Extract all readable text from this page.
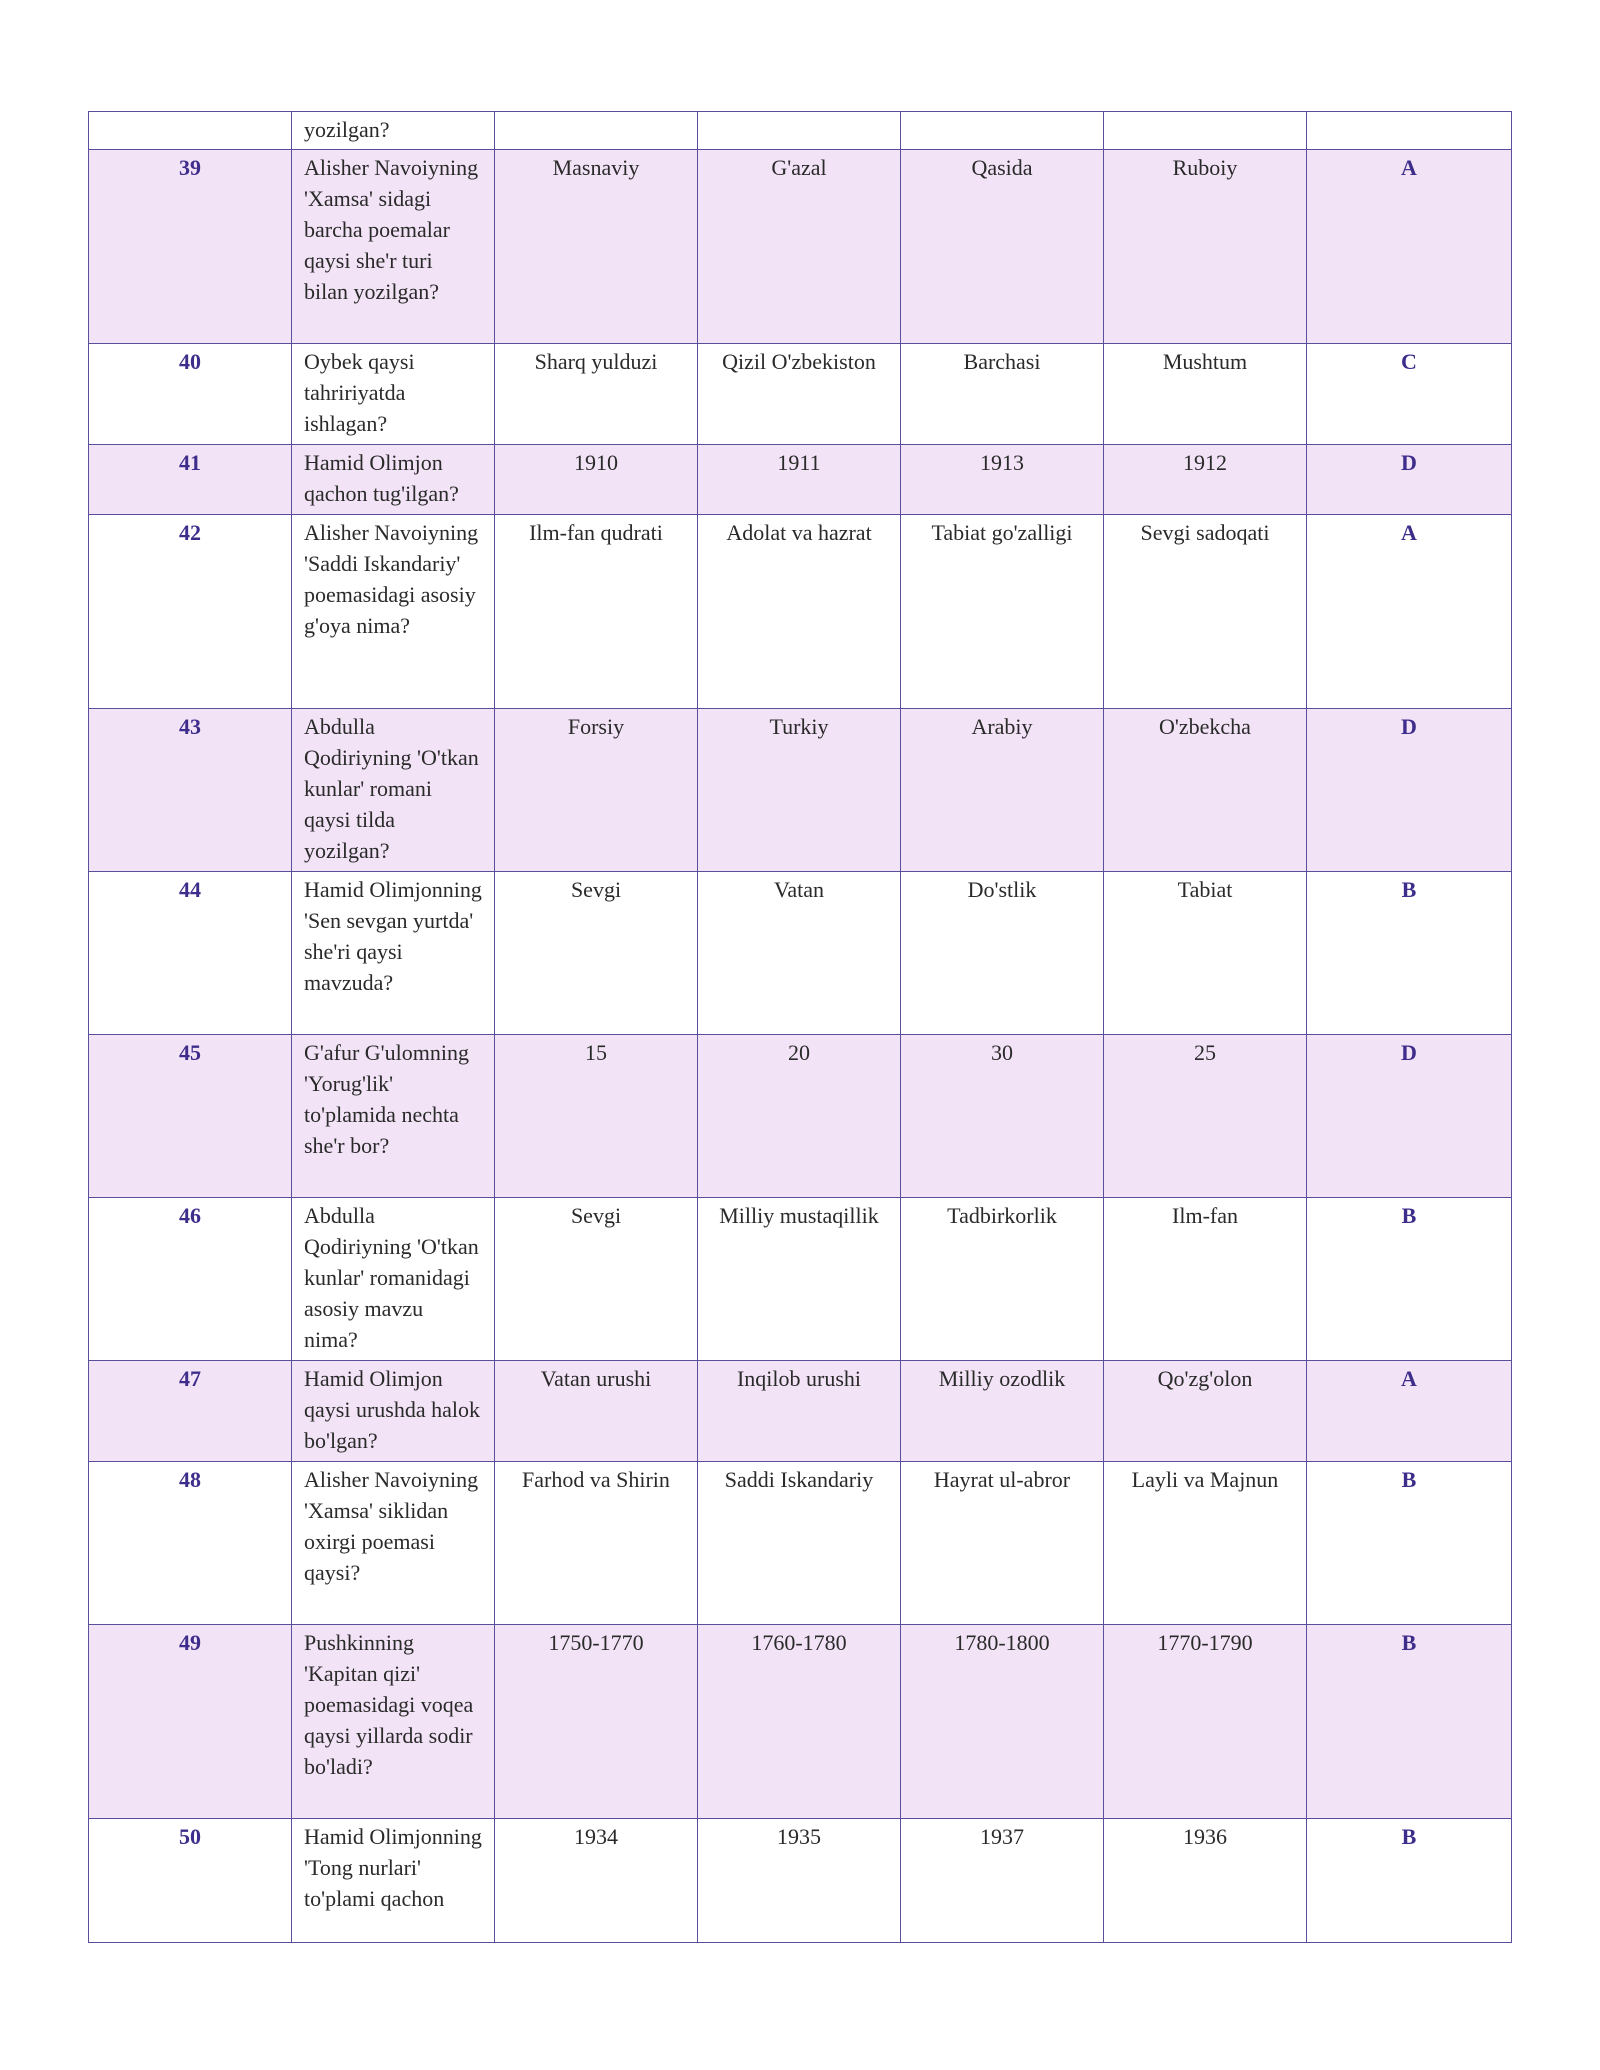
	yozilgan?					
39	Alisher Navoiyning 'Xamsa' sidagi barcha poemalar qaysi she'r turi bilan yozilgan?	Masnaviy	G'azal	Qasida	Ruboiy	A
40	Oybek qaysi tahririyatda ishlagan?	Sharq yulduzi	Qizil O'zbekiston	Barchasi	Mushtum	C
41	Hamid Olimjon qachon tug'ilgan?	1910	1911	1913	1912	D
42	Alisher Navoiyning 'Saddi Iskandariy' poemasidagi asosiy g'oya nima?	Ilm-fan qudrati	Adolat va hazrat	Tabiat go'zalligi	Sevgi sadoqati	A
43	Abdulla Qodiriyning 'O'tkan kunlar' romani qaysi tilda yozilgan?	Forsiy	Turkiy	Arabiy	O'zbekcha	D
44	Hamid Olimjonning 'Sen sevgan yurtda' she'ri qaysi mavzuda?	Sevgi	Vatan	Do'stlik	Tabiat	B
45	G'afur G'ulomning 'Yorug'lik' to'plamida nechta she'r bor?	15	20	30	25	D
46	Abdulla Qodiriyning 'O'tkan kunlar' romanidagi asosiy mavzu nima?	Sevgi	Milliy mustaqillik	Tadbirkorlik	Ilm-fan	B
47	Hamid Olimjon qaysi urushda halok bo'lgan?	Vatan urushi	Inqilob urushi	Milliy ozodlik	Qo'zg'olon	A
48	Alisher Navoiyning 'Xamsa' siklidan oxirgi poemasi qaysi?	Farhod va Shirin	Saddi Iskandariy	Hayrat ul-abror	Layli va Majnun	B
49	Pushkinning 'Kapitan qizi' poemasidagi voqea qaysi yillarda sodir bo'ladi?	1750-1770	1760-1780	1780-1800	1770-1790	B
50	Hamid Olimjonning 'Tong nurlari' to'plami qachon	1934	1935	1937	1936	B
